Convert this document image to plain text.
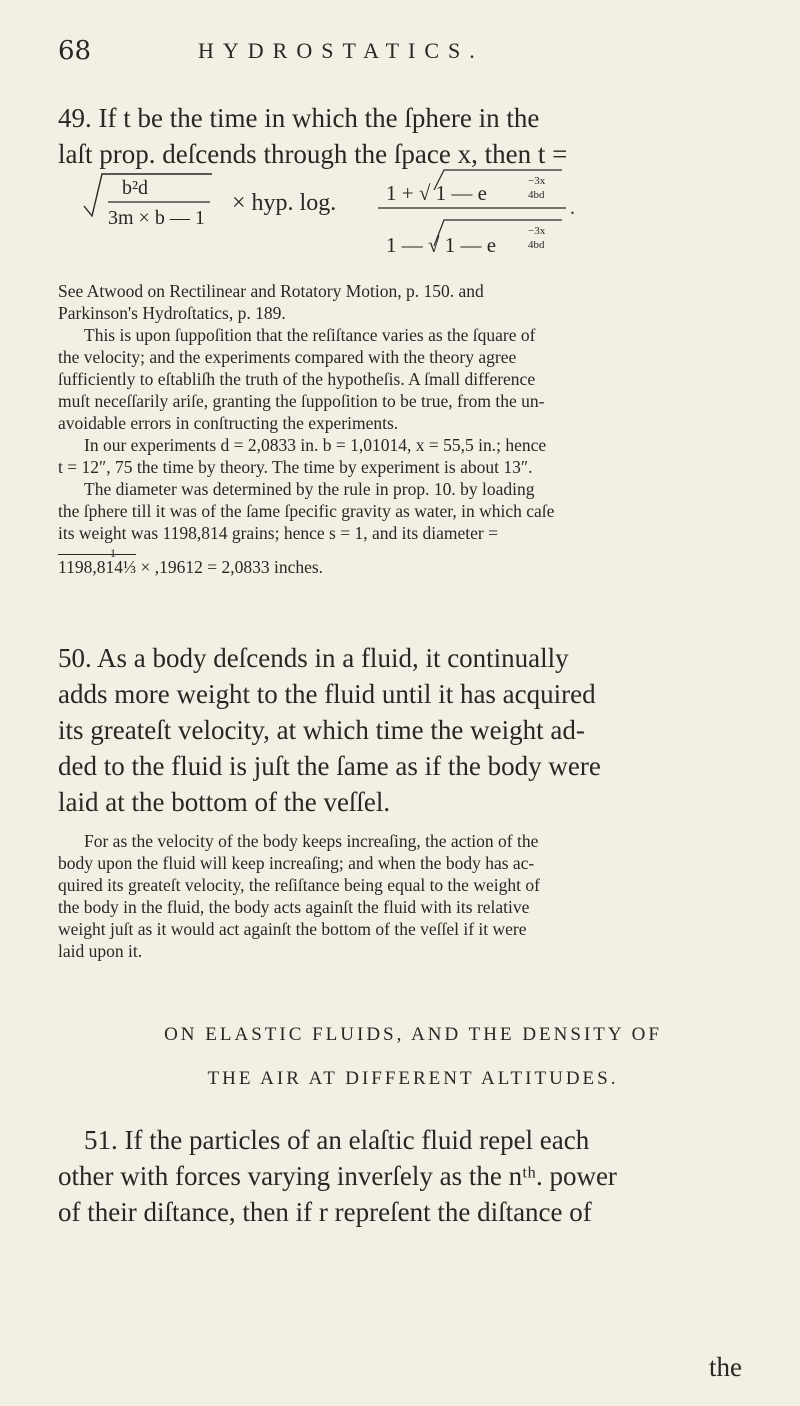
68	HYDROSTATICS.
49. If t be the time in which the ſphere in the
laſt prop. deſcends through the ſpace x, then t =
b²d
3m × b — 1
× hyp. log. 1 + √ 1 — e	−3x
4bd
1 — √ 1 — e
−3x
4bd
.
See Atwood on Rectilinear and Rotatory Motion, p. 150. and
Parkinson's Hydroſtatics, p. 189.
This is upon ſuppoſition that the reſiſtance varies as the ſquare of
the velocity; and the experiments compared with the theory agree
ſufficiently to eſtabliſh the truth of the hypotheſis. A ſmall difference
muſt neceſſarily ariſe, granting the ſuppoſition to be true, from the un-
avoidable errors in conſtructing the experiments.
In our experiments d = 2,0833 in. b = 1,01014, x = 55,5 in.; hence
t = 12″, 75 the time by theory. The time by experiment is about 13″.
The diameter was determined by the rule in prop. 10. by loading
the ſphere till it was of the ſame ſpecific gravity as water, in which caſe
its weight was 1198,814 grains; hence s = 1, and its diameter =
1
1198,814⅓ × ,19612 = 2,0833 inches.
50. As a body deſcends in a fluid, it continually
adds more weight to the fluid until it has acquired
its greateſt velocity, at which time the weight ad-
ded to the fluid is juſt the ſame as if the body were
laid at the bottom of the veſſel.
For as the velocity of the body keeps increaſing, the action of the
body upon the fluid will keep increaſing; and when the body has ac-
quired its greateſt velocity, the reſiſtance being equal to the weight of
the body in the fluid, the body acts againſt the fluid with its relative
weight juſt as it would act againſt the bottom of the veſſel if it were
laid upon it.
ON ELASTIC FLUIDS, AND THE DENSITY OF
THE AIR AT DIFFERENT ALTITUDES.
51. If the particles of an elaſtic fluid repel each
other with forces varying inverſely as the nᵗʰ. power
of their diſtance, then if r repreſent the diſtance of
the
